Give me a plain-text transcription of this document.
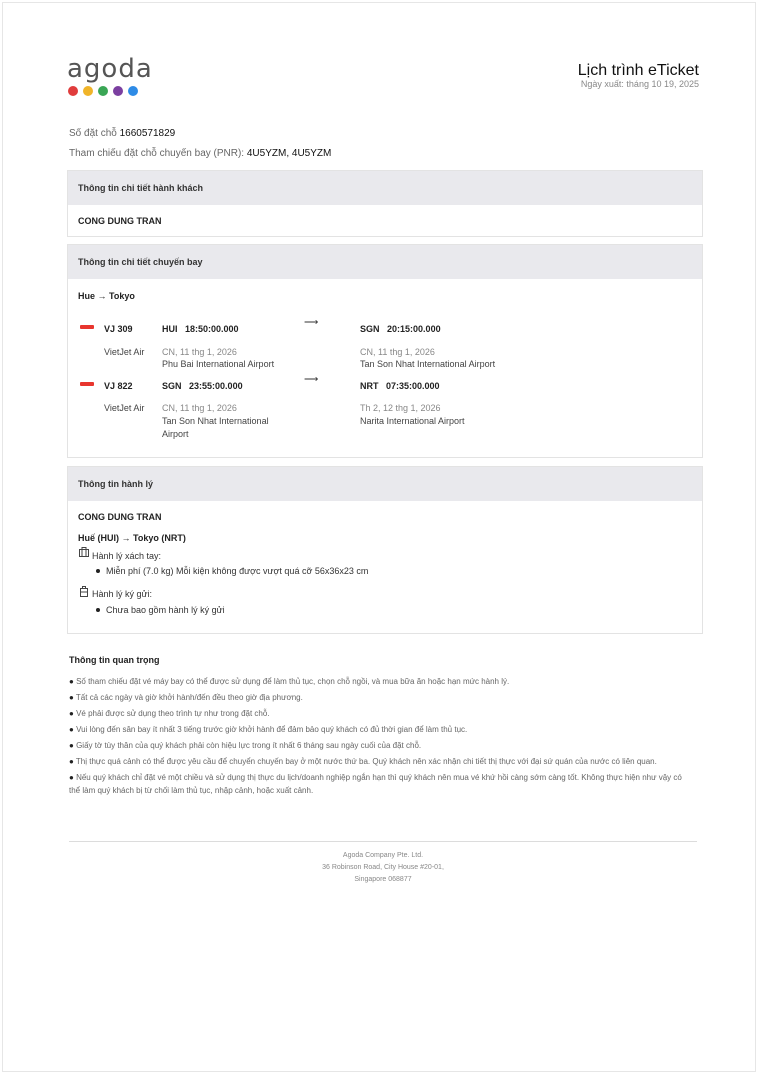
agoda	Lịch trình eTicket
Ngày xuất: tháng 10 19, 2025
Số đặt chỗ 1660571829
Tham chiếu đặt chỗ chuyến bay (PNR): 4U5YZM, 4U5YZM
Thông tin chi tiết hành khách
CONG DUNG TRAN
Thông tin chi tiết chuyến bay
Hue → Tokyo
VJ 309
VietJet Air
HUI 18:50:00.000
CN, 11 thg 1, 2026
Phu Bai International Airport
⟶
SGN 20:15:00.000
CN, 11 thg 1, 2026
Tan Son Nhat International Airport
VJ 822
VietJet Air
SGN 23:55:00.000
CN, 11 thg 1, 2026
Tan Son Nhat International
Airport
⟶
NRT 07:35:00.000
Th 2, 12 thg 1, 2026
Narita International Airport
Thông tin hành lý
CONG DUNG TRAN
Huế (HUI) → Tokyo (NRT)
Hành lý xách tay:
Miễn phí (7.0 kg) Mỗi kiện không được vượt quá cỡ 56x36x23 cm
Hành lý ký gửi:
Chưa bao gồm hành lý ký gửi
Thông tin quan trọng
● Số tham chiếu đặt vé máy bay có thể được sử dụng để làm thủ tục, chọn chỗ ngồi, và mua bữa ăn hoặc hạn mức hành lý.
● Tất cả các ngày và giờ khởi hành/đến đều theo giờ địa phương.
● Vé phải được sử dụng theo trình tự như trong đặt chỗ.
● Vui lòng đến sân bay ít nhất 3 tiếng trước giờ khởi hành để đảm bảo quý khách có đủ thời gian để làm thủ tục.
● Giấy tờ tùy thân của quý khách phải còn hiệu lực trong ít nhất 6 tháng sau ngày cuối của đặt chỗ.
● Thị thực quá cảnh có thể được yêu cầu để chuyển chuyến bay ở một nước thứ ba. Quý khách nên xác nhận chi tiết thị thực với đại sứ quán của nước có liên quan.
● Nếu quý khách chỉ đặt vé một chiều và sử dụng thị thực du lịch/doanh nghiệp ngắn hạn thì quý khách nên mua vé khứ hồi càng sớm càng tốt. Không thực hiện như vậy có thể làm quý khách bị từ chối làm thủ tục, nhập cảnh, hoặc xuất cảnh.
Agoda Company Pte. Ltd.
36 Robinson Road, City House #20-01,
Singapore 068877
